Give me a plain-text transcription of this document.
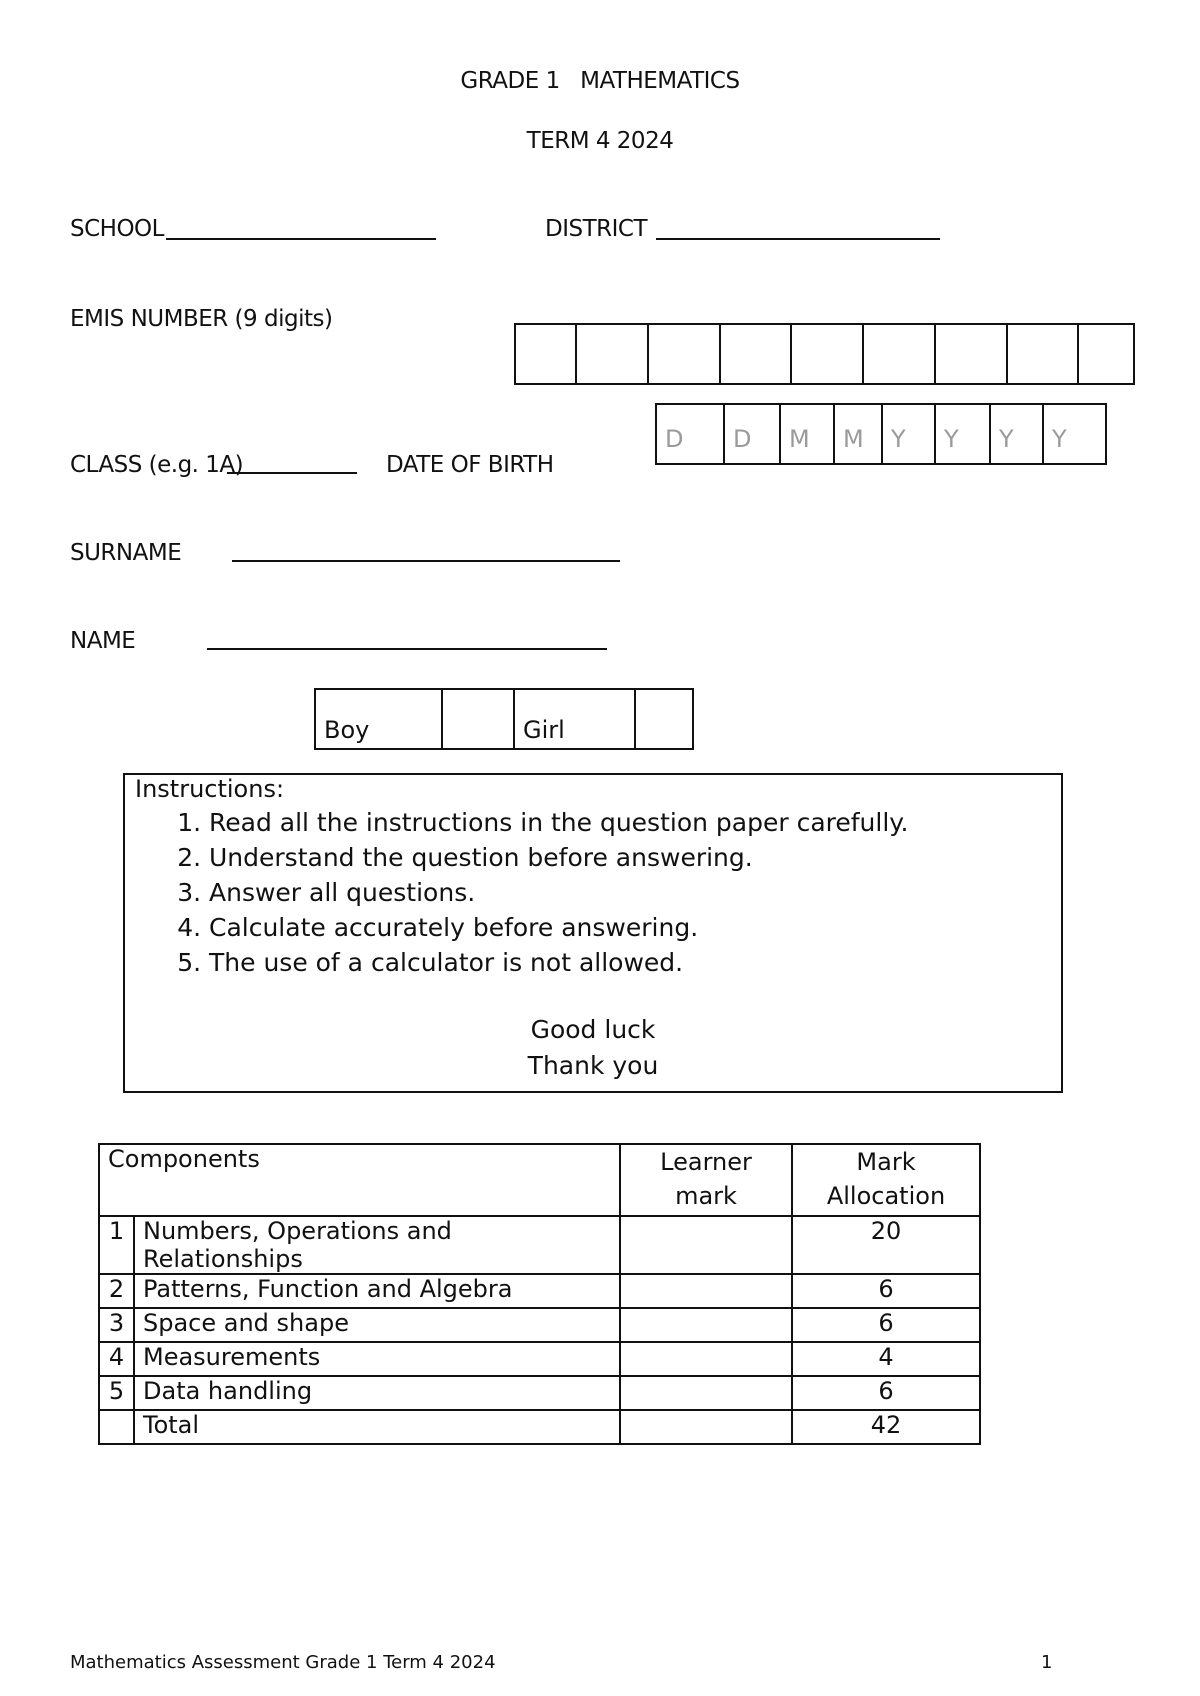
GRADE 1   MATHEMATICS
TERM 4 2024
SCHOOL	DISTRICT
EMIS NUMBER (9 digits)
D	D	M	M	Y	Y	Y	Y
CLASS (e.g. 1A)	DATE OF BIRTH
SURNAME
NAME
Boy	Girl
Instructions:
1. Read all the instructions in the question paper carefully.
2. Understand the question before answering.
3. Answer all questions.
4. Calculate accurately before answering.
5. The use of a calculator is not allowed.
Good luck
Thank you
Components		Learner mark	Mark Allocation
1	Numbers, Operations and Relationships		20
2	Patterns, Function and Algebra		6
3	Space and shape		6
4	Measurements		4
5	Data handling		6
	Total		42
Mathematics Assessment Grade 1 Term 4 2024	1
